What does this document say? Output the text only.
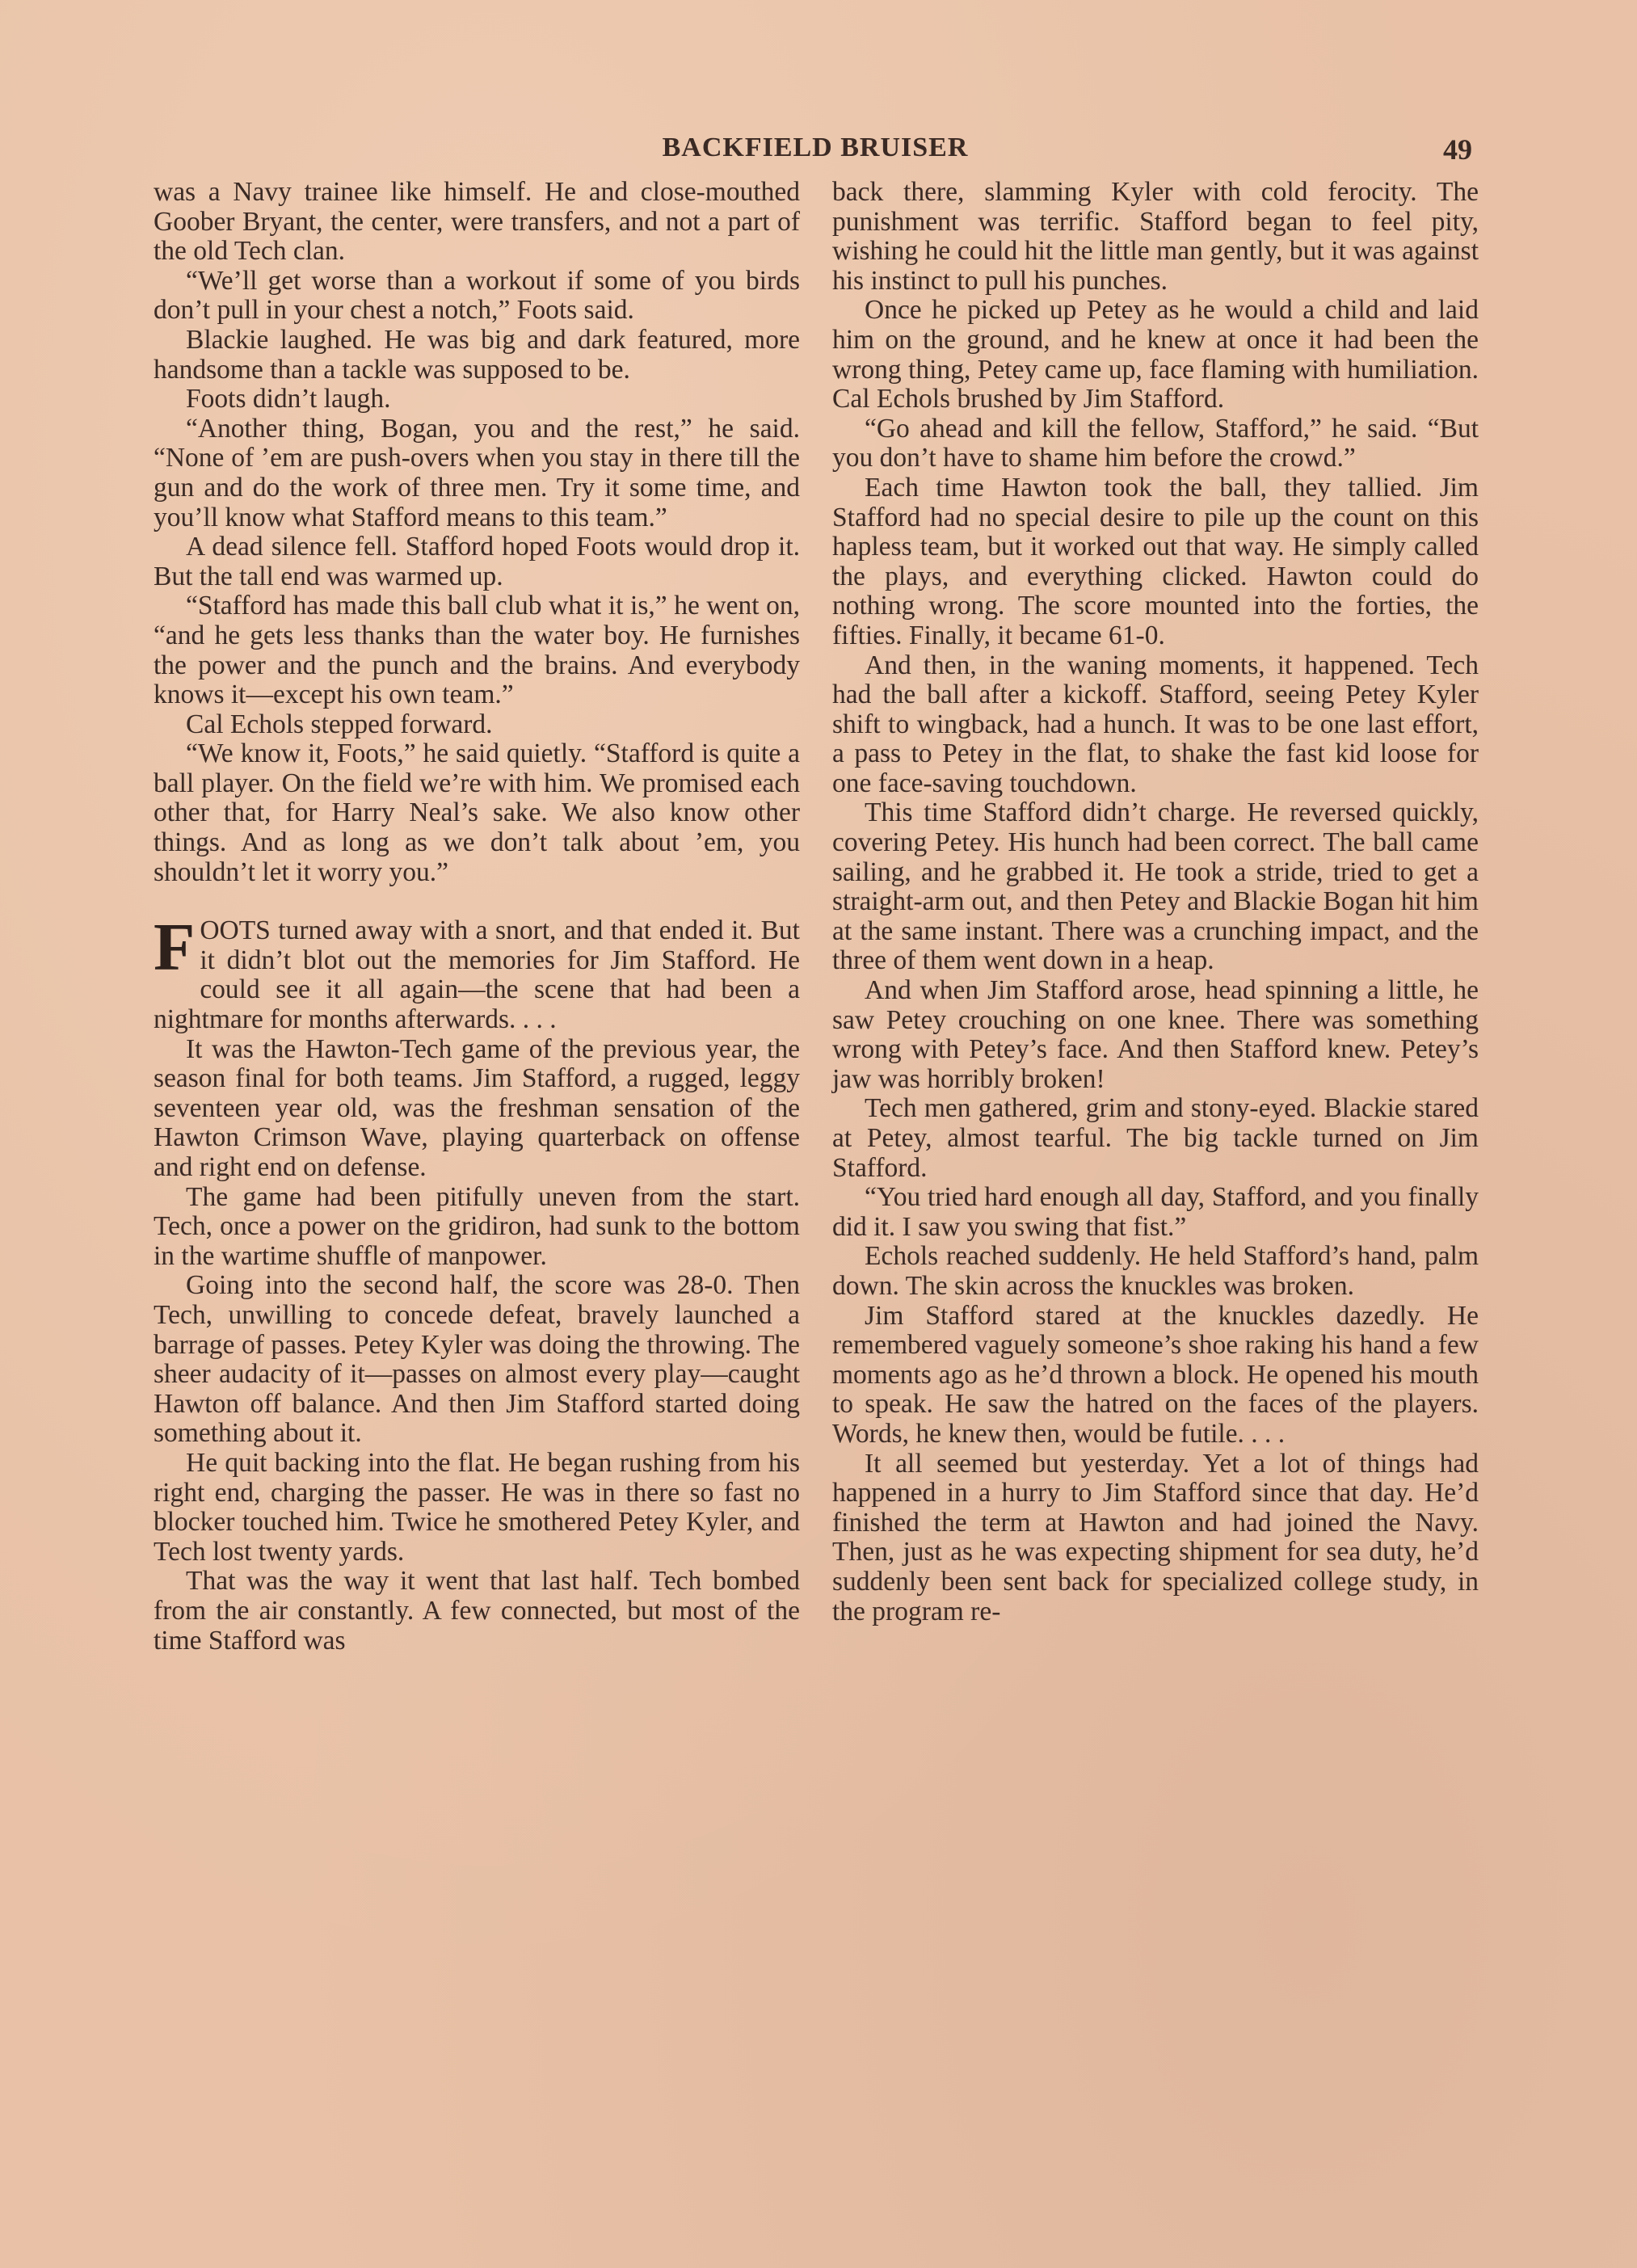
BACKFIELD BRUISER	49

was a Navy trainee like himself. He and close-mouthed Goober Bryant, the center, were transfers, and not a part of the old Tech clan.

“We’ll get worse than a workout if some of you birds don’t pull in your chest a notch,” Foots said.

Blackie laughed. He was big and dark featured, more handsome than a tackle was supposed to be.

Foots didn’t laugh.

“Another thing, Bogan, you and the rest,” he said. “None of ’em are push-overs when you stay in there till the gun and do the work of three men. Try it some time, and you’ll know what Stafford means to this team.”

A dead silence fell. Stafford hoped Foots would drop it. But the tall end was warmed up.

“Stafford has made this ball club what it is,” he went on, “and he gets less thanks than the water boy. He furnishes the power and the punch and the brains. And everybody knows it—except his own team.”

Cal Echols stepped forward.

“We know it, Foots,” he said quietly. “Stafford is quite a ball player. On the field we’re with him. We promised each other that, for Harry Neal’s sake. We also know other things. And as long as we don’t talk about ’em, you shouldn’t let it worry you.”

FOOTS turned away with a snort, and that ended it. But it didn’t blot out the memories for Jim Stafford. He could see it all again—the scene that had been a nightmare for months afterwards. . . .

It was the Hawton-Tech game of the previous year, the season final for both teams. Jim Stafford, a rugged, leggy seventeen year old, was the freshman sensation of the Hawton Crimson Wave, playing quarterback on offense and right end on defense.

The game had been pitifully uneven from the start. Tech, once a power on the gridiron, had sunk to the bottom in the wartime shuffle of manpower.

Going into the second half, the score was 28-0. Then Tech, unwilling to concede defeat, bravely launched a barrage of passes. Petey Kyler was doing the throwing. The sheer audacity of it—passes on almost every play—caught Hawton off balance. And then Jim Stafford started doing something about it.

He quit backing into the flat. He began rushing from his right end, charging the passer. He was in there so fast no blocker touched him. Twice he smothered Petey Kyler, and Tech lost twenty yards.

That was the way it went that last half. Tech bombed from the air constantly. A few connected, but most of the time Stafford was

back there, slamming Kyler with cold ferocity. The punishment was terrific. Stafford began to feel pity, wishing he could hit the little man gently, but it was against his instinct to pull his punches.

Once he picked up Petey as he would a child and laid him on the ground, and he knew at once it had been the wrong thing, Petey came up, face flaming with humiliation. Cal Echols brushed by Jim Stafford.

“Go ahead and kill the fellow, Stafford,” he said. “But you don’t have to shame him before the crowd.”

Each time Hawton took the ball, they tallied. Jim Stafford had no special desire to pile up the count on this hapless team, but it worked out that way. He simply called the plays, and everything clicked. Hawton could do nothing wrong. The score mounted into the forties, the fifties. Finally, it became 61-0.

And then, in the waning moments, it happened. Tech had the ball after a kickoff. Stafford, seeing Petey Kyler shift to wingback, had a hunch. It was to be one last effort, a pass to Petey in the flat, to shake the fast kid loose for one face-saving touchdown.

This time Stafford didn’t charge. He reversed quickly, covering Petey. His hunch had been correct. The ball came sailing, and he grabbed it. He took a stride, tried to get a straight-arm out, and then Petey and Blackie Bogan hit him at the same instant. There was a crunching impact, and the three of them went down in a heap.

And when Jim Stafford arose, head spinning a little, he saw Petey crouching on one knee. There was something wrong with Petey’s face. And then Stafford knew. Petey’s jaw was horribly broken!

Tech men gathered, grim and stony-eyed. Blackie stared at Petey, almost tearful. The big tackle turned on Jim Stafford.

“You tried hard enough all day, Stafford, and you finally did it. I saw you swing that fist.”

Echols reached suddenly. He held Stafford’s hand, palm down. The skin across the knuckles was broken.

Jim Stafford stared at the knuckles dazedly. He remembered vaguely someone’s shoe raking his hand a few moments ago as he’d thrown a block. He opened his mouth to speak. He saw the hatred on the faces of the players. Words, he knew then, would be futile. . . .

It all seemed but yesterday. Yet a lot of things had happened in a hurry to Jim Stafford since that day. He’d finished the term at Hawton and had joined the Navy. Then, just as he was expecting shipment for sea duty, he’d suddenly been sent back for specialized college study, in the program re-
